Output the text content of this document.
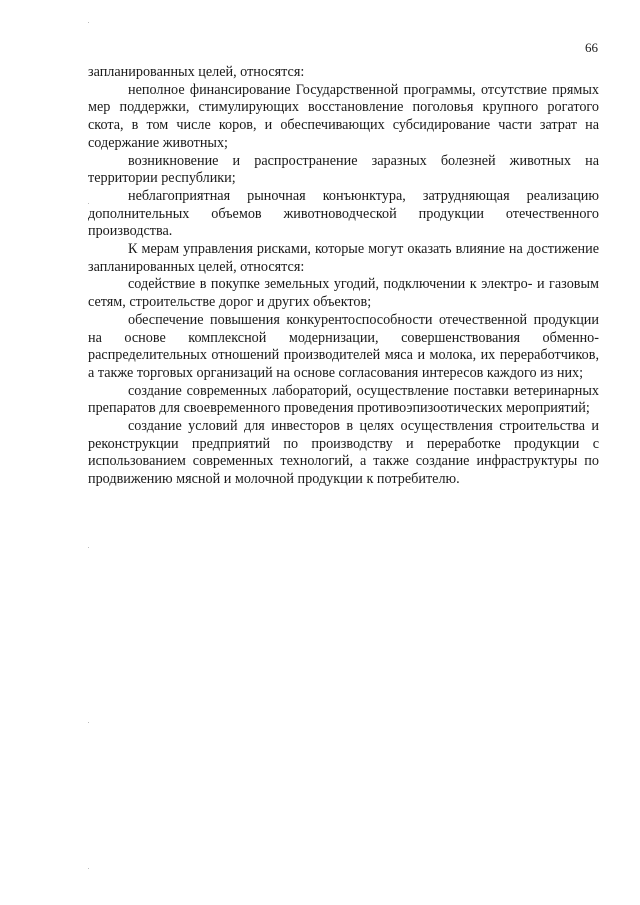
66

запланированных целей, относятся:

неполное финансирование Государственной программы, отсутствие прямых мер поддержки, стимулирующих восстановление поголовья крупного рогатого скота, в том числе коров, и обеспечивающих субсидирование части затрат на содержание животных;

возникновение и распространение заразных болезней животных на территории республики;

неблагоприятная рыночная конъюнктура, затрудняющая реализацию дополнительных объемов животноводческой продукции отечественного производства.

К мерам управления рисками, которые могут оказать влияние на достижение запланированных целей, относятся:

содействие в покупке земельных угодий, подключении к электро- и газовым сетям, строительстве дорог и других объектов;

обеспечение повышения конкурентоспособности отечественной продукции на основе комплексной модернизации, совершенствования обменно-распределительных отношений производителей мяса и молока, их переработчиков, а также торговых организаций на основе согласования интересов каждого из них;

создание современных лабораторий, осуществление поставки ветеринарных препаратов для своевременного проведения противоэпизоотических мероприятий;

создание условий для инвесторов в целях осуществления строительства и реконструкции предприятий по производству и переработке продукции с использованием современных технологий, а также создание инфраструктуры по продвижению мясной и молочной продукции к потребителю.
